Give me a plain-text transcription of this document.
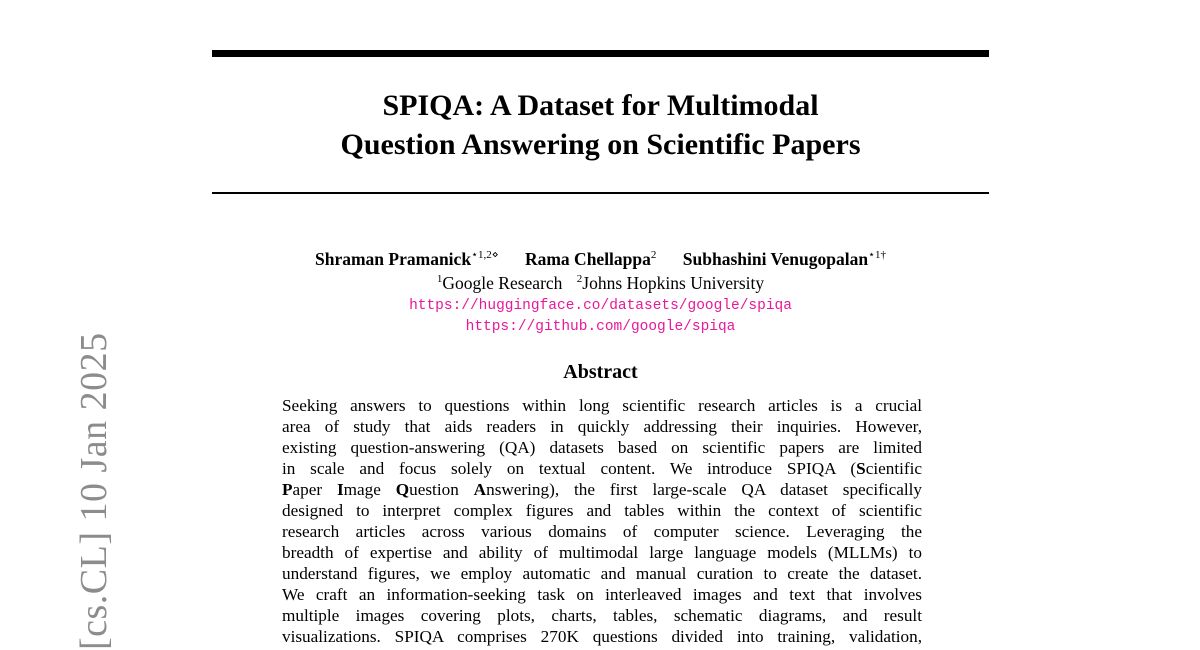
[cs.CL] 10 Jan 2025
SPIQA: A Dataset for Multimodal
Question Answering on Scientific Papers
Shraman Pramanick$^{⋆1,2⋄}$ Rama Chellappa$^2$ Subhashini Venugopalan$^{⋆1\dagger}$
$^1$Google Research $^2$Johns Hopkins University
https://huggingface.co/datasets/google/spiqa
https://github.com/google/spiqa
Abstract
Seeking answers to questions within long scientific research articles is a crucial
area of study that aids readers in quickly addressing their inquiries. However,
existing question-answering (QA) datasets based on scientific papers are limited
in scale and focus solely on textual content. We introduce SPIQA (Scientific
Paper Image Question Answering), the first large-scale QA dataset specifically
designed to interpret complex figures and tables within the context of scientific
research articles across various domains of computer science. Leveraging the
breadth of expertise and ability of multimodal large language models (MLLMs) to
understand figures, we employ automatic and manual curation to create the dataset.
We craft an information-seeking task on interleaved images and text that involves
multiple images covering plots, charts, tables, schematic diagrams, and result
visualizations. SPIQA comprises 270K questions divided into training, validation,
